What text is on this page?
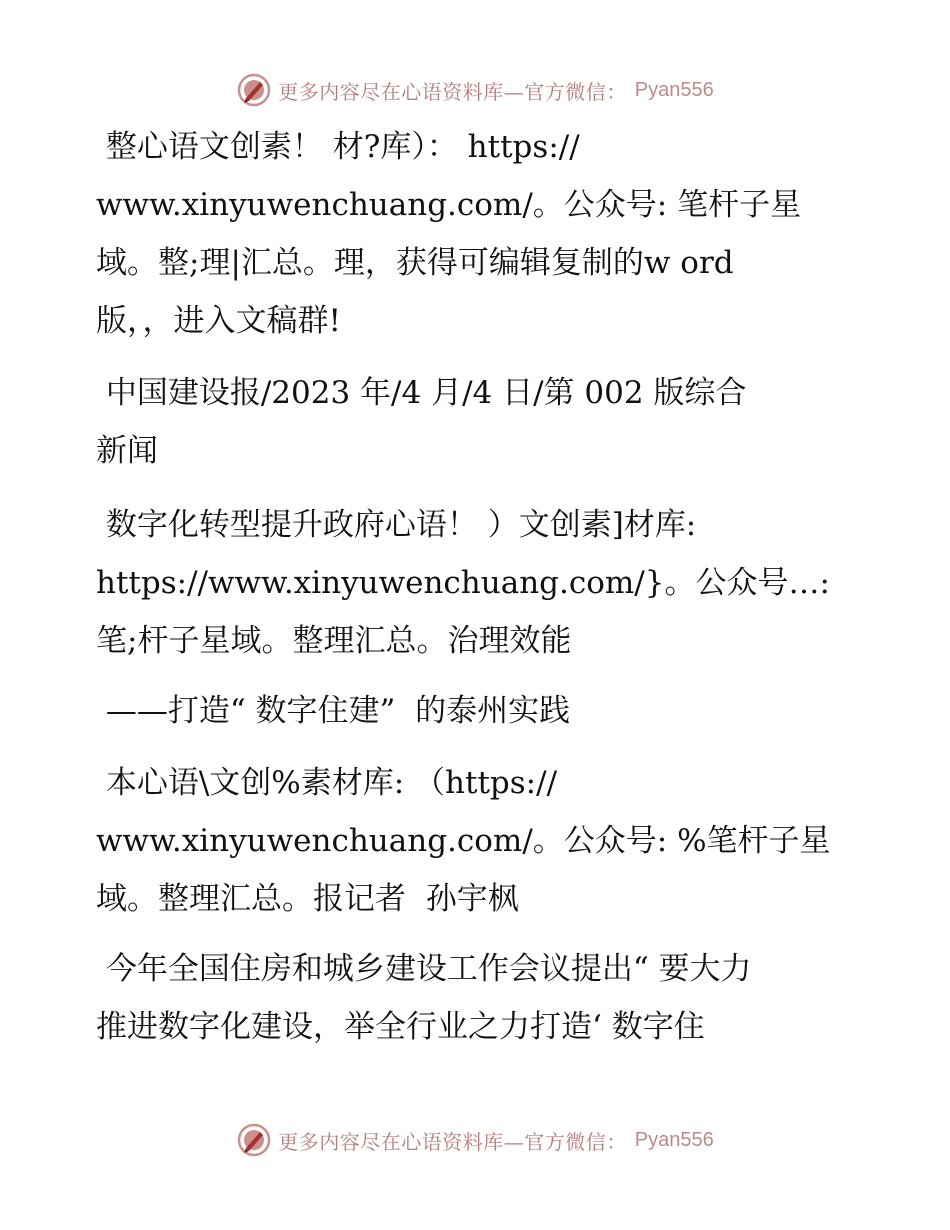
更多内容尽在心语资料库—官方微信： Pyan556

整心语文创素！ 材?库）： https://
www.xinyuwenchuang.com/。公众号: 笔杆子星
域。整;理|汇总。理，获得可编辑复制的w ord
版，，进入文稿群!

中国建设报/2023 年/4 月/4 日/第 002 版综合
新闻

数字化转型提升政府心语！ ）文创素]材库:
https://www.xinyuwenchuang.com/}。公众号…:
笔;杆子星域。整理汇总。治理效能

——打造“ 数字住建”  的泰州实践

本心语\文创%素材库: （https://
www.xinyuwenchuang.com/。公众号: %笔杆子星
域。整理汇总。报记者  孙宇枫

今年全国住房和城乡建设工作会议提出“ 要大力
推进数字化建设，举全行业之力打造‘ 数字住

更多内容尽在心语资料库—官方微信： Pyan556
